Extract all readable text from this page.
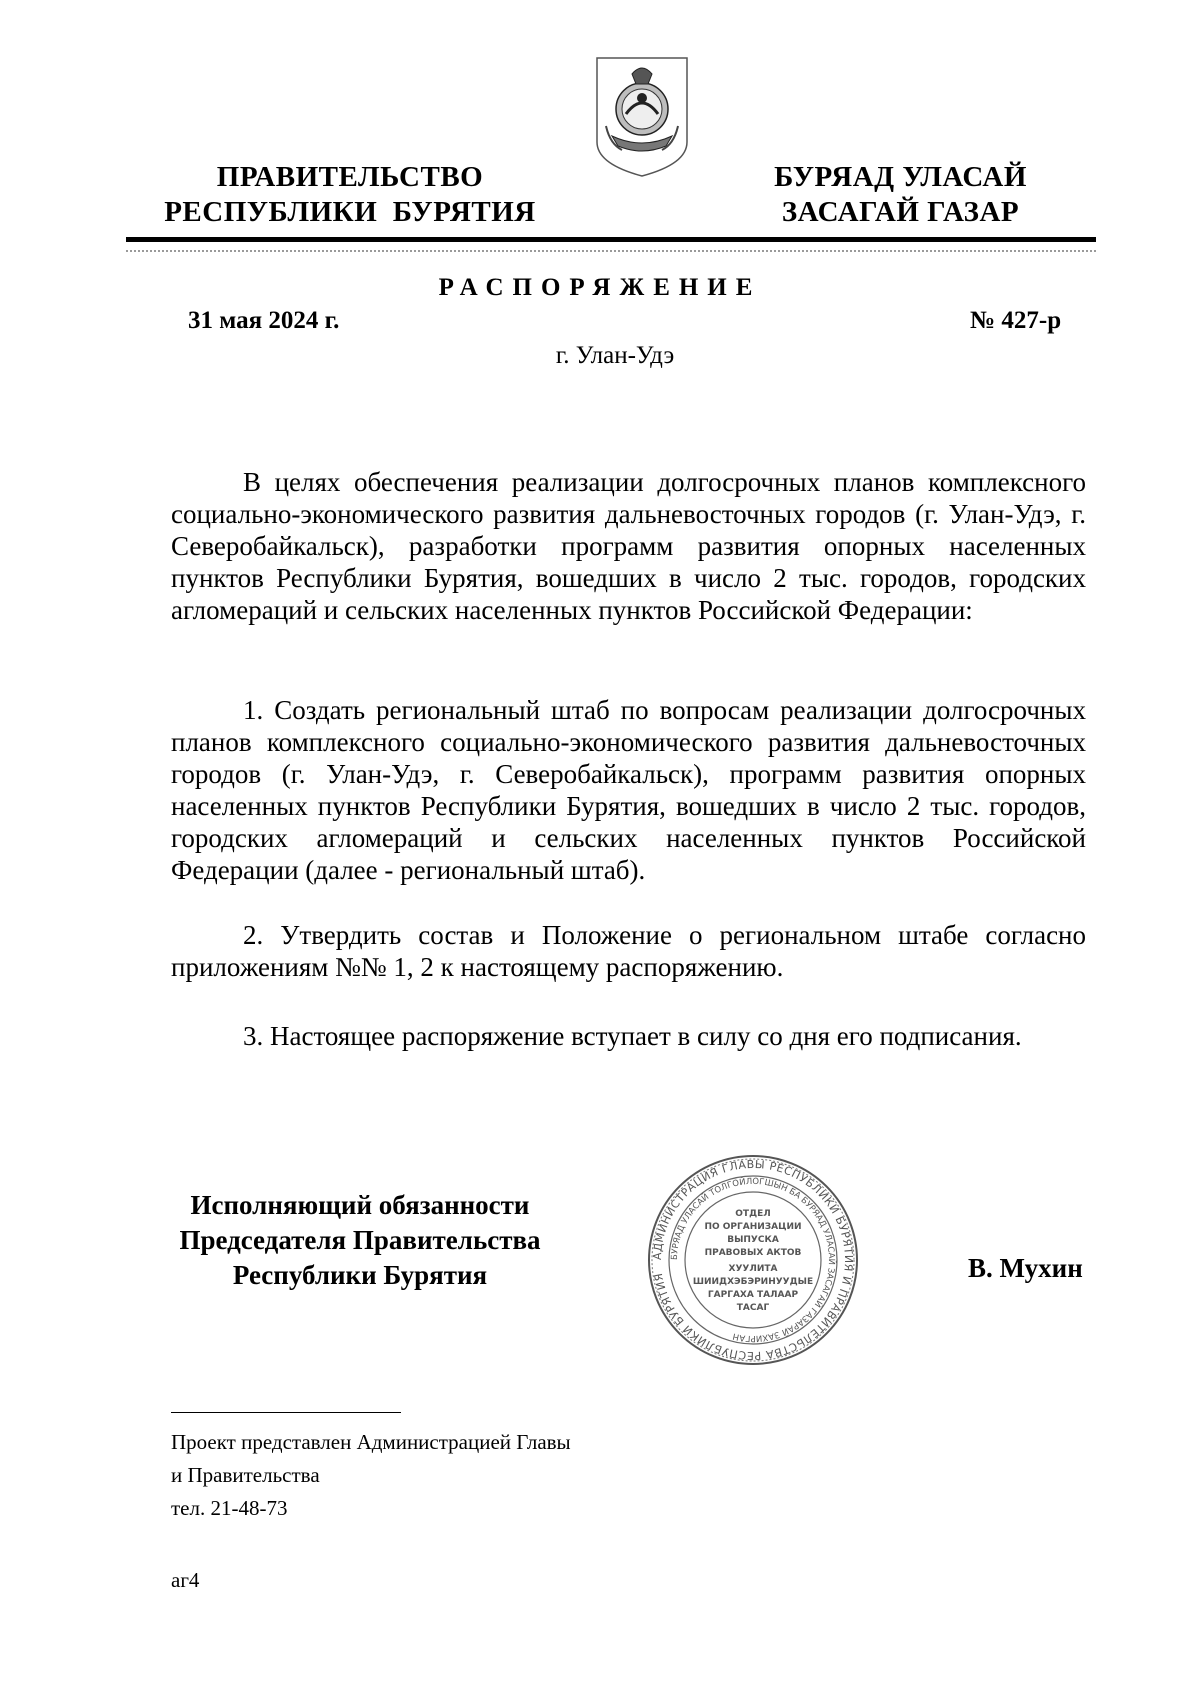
ПРАВИТЕЛЬСТВО
РЕСПУБЛИКИ  БУРЯТИЯ
БУРЯАД УЛАСАЙ
ЗАСАГАЙ ГАЗАР
РАСПОРЯЖЕНИЕ
31 мая 2024 г.	№ 427-р
г. Улан-Удэ
В целях обеспечения реализации долгосрочных планов комплексного социально-экономического развития дальневосточных городов (г. Улан-Удэ, г. Северобайкальск), разработки программ развития опорных населенных пунктов Республики Бурятия, вошедших в число 2 тыс. городов, городских агломераций и сельских населенных пунктов Российской Федерации:
1. Создать региональный штаб по вопросам реализации долгосрочных планов комплексного социально-экономического развития дальневосточных городов (г. Улан-Удэ, г. Северобайкальск), программ развития опорных населенных пунктов Республики Бурятия, вошедших в число 2 тыс. городов, городских агломераций и сельских населенных пунктов Российской Федерации (далее - региональный штаб).
2. Утвердить состав и Положение о региональном штабе согласно приложениям №№ 1, 2 к настоящему распоряжению.
3. Настоящее распоряжение вступает в силу со дня его подписания.
Исполняющий обязанности
Председателя Правительства
Республики Бурятия
АДМИНИСТРАЦИЯ ГЛАВЫ РЕСПУБЛИКИ БУРЯТИЯ И ПРАВИТЕЛЬСТВА РЕСПУБЛИКИ БУРЯТИЯ
БУРЯАД УЛАСАЙ ТОЛГОЙЛОГШЫН БА БУРЯАД УЛАСАЙ ЗАСАГАЙ ГАЗАРАЙ ЗАХИРГАН
ОТДЕЛ
ПО ОРГАНИЗАЦИИ
ВЫПУСКА
ПРАВОВЫХ АКТОВ
ХУУЛИТА
ШИИДХЭБЭРИНУУДЫЕ
ГАРГАХА ТАЛААР
ТАСАГ
В. Мухин
Проект представлен Администрацией Главы
и Правительства
тел. 21-48-73
аг4
